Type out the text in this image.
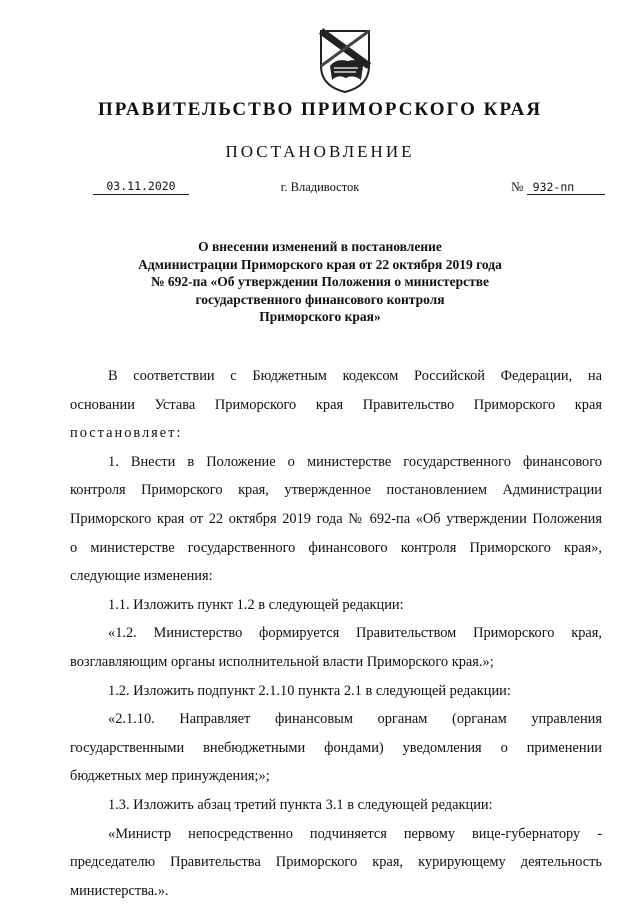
ПРАВИТЕЛЬСТВО ПРИМОРСКОГО КРАЯ
ПОСТАНОВЛЕНИЕ
03.11.2020	г. Владивосток	№ 932-пп
О внесении изменений в постановление
Администрации Приморского края от 22 октября 2019 года
№ 692-па «Об утверждении Положения о министерстве
государственного финансового контроля
Приморского края»
В соответствии с Бюджетным кодексом Российской Федерации, на
основании Устава Приморского края Правительство Приморского края
постановляет:
1. Внести в Положение о министерстве государственного финансового
контроля Приморского края, утвержденное постановлением Администрации
Приморского края от 22 октября 2019 года № 692-па «Об утверждении Положения
о министерстве государственного финансового контроля Приморского края»,
следующие изменения:
1.1. Изложить пункт 1.2 в следующей редакции:
«1.2. Министерство формируется Правительством Приморского края,
возглавляющим органы исполнительной власти Приморского края.»;
1.2. Изложить подпункт 2.1.10 пункта 2.1 в следующей редакции:
«2.1.10. Направляет финансовым органам (органам управления
государственными внебюджетными фондами) уведомления о применении
бюджетных мер принуждения;»;
1.3. Изложить абзац третий пункта 3.1 в следующей редакции:
«Министр непосредственно подчиняется первому вице-губернатору -
председателю Правительства Приморского края, курирующему деятельность
министерства.».
